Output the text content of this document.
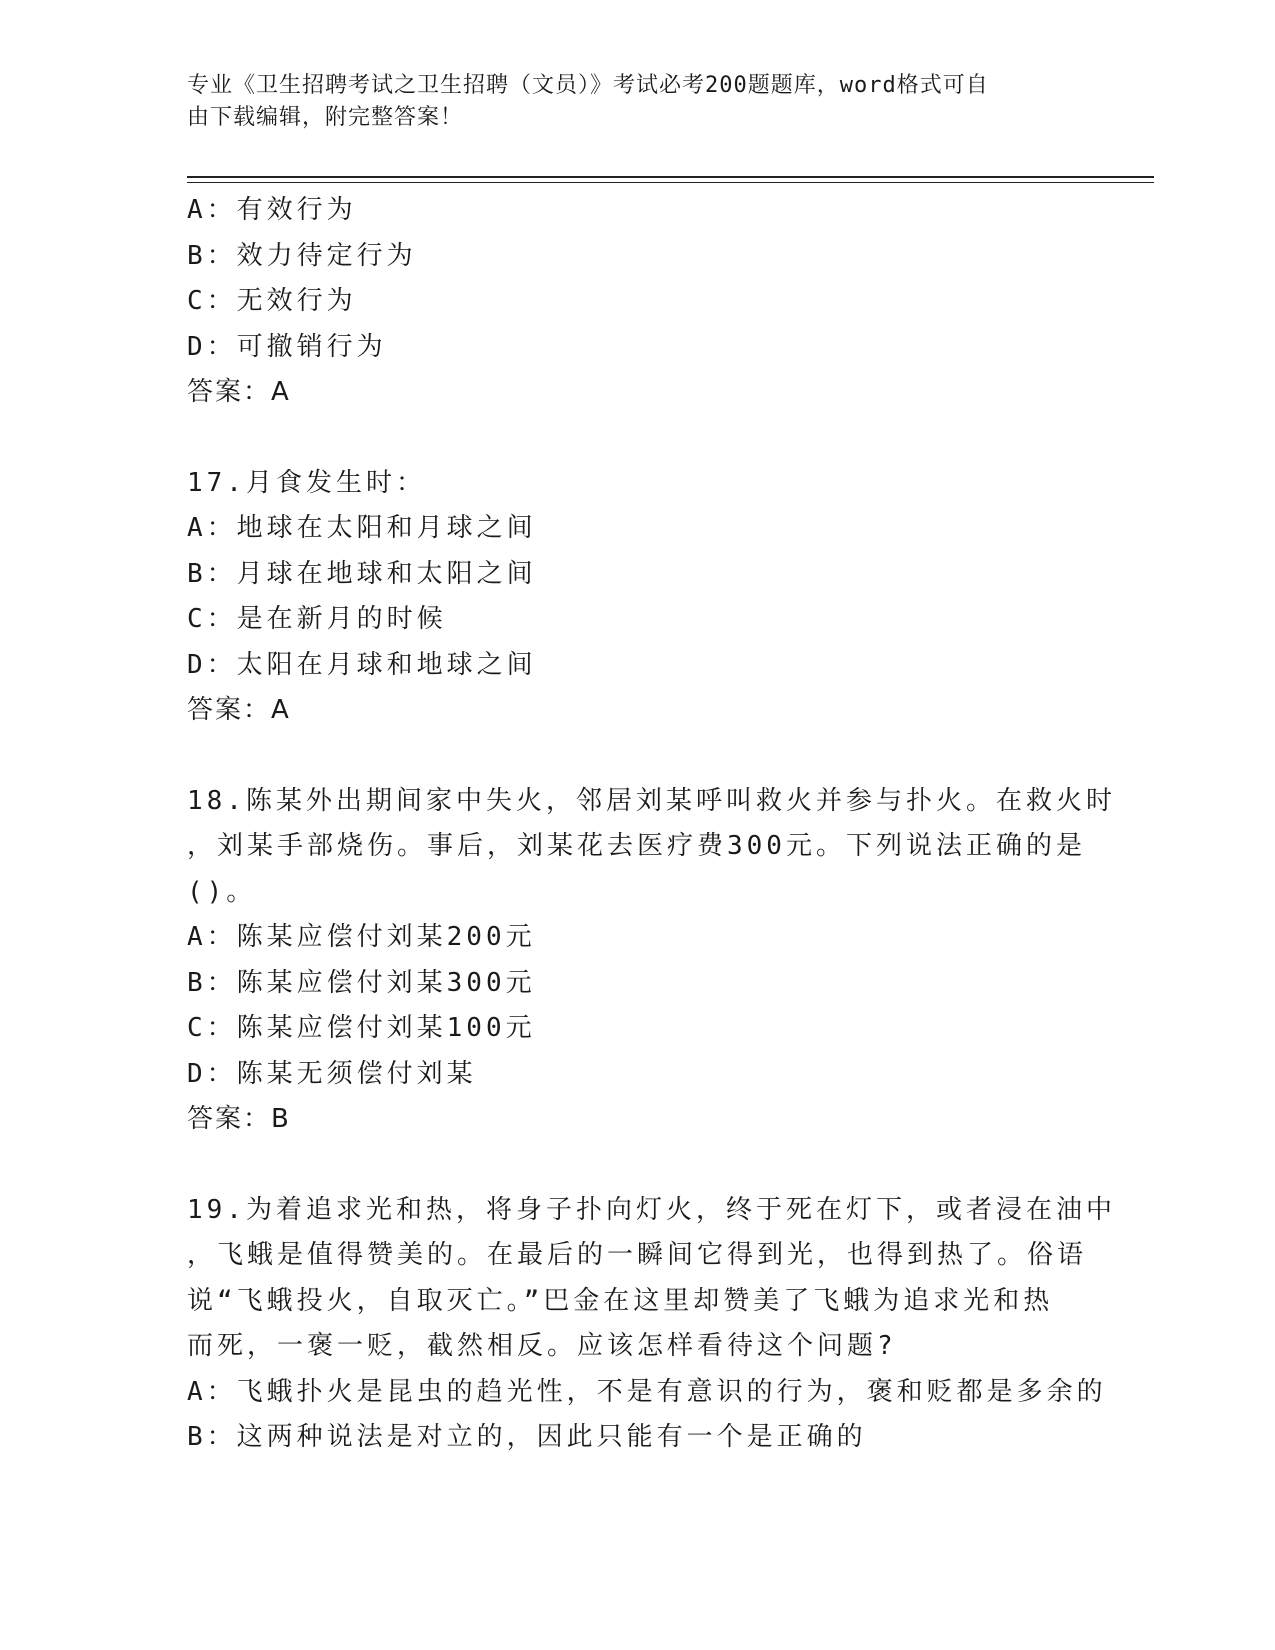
专业《卫生招聘考试之卫生招聘（文员）》考试必考200题题库，word格式可自
由下载编辑，附完整答案！
A：有效行为
B：效力待定行为
C：无效行为
D：可撤销行为
答案：A
17.月食发生时：
A：地球在太阳和月球之间
B：月球在地球和太阳之间
C：是在新月的时候
D：太阳在月球和地球之间
答案：A
18.陈某外出期间家中失火，邻居刘某呼叫救火并参与扑火。在救火时
，刘某手部烧伤。事后，刘某花去医疗费300元。下列说法正确的是
()。
A：陈某应偿付刘某200元
B：陈某应偿付刘某300元
C：陈某应偿付刘某100元
D：陈某无须偿付刘某
答案：B
19.为着追求光和热，将身子扑向灯火，终于死在灯下，或者浸在油中
，飞蛾是值得赞美的。在最后的一瞬间它得到光，也得到热了。俗语
说“飞蛾投火，自取灭亡。”巴金在这里却赞美了飞蛾为追求光和热
而死，一褒一贬，截然相反。应该怎样看待这个问题?
A：飞蛾扑火是昆虫的趋光性，不是有意识的行为，褒和贬都是多余的
B：这两种说法是对立的，因此只能有一个是正确的
